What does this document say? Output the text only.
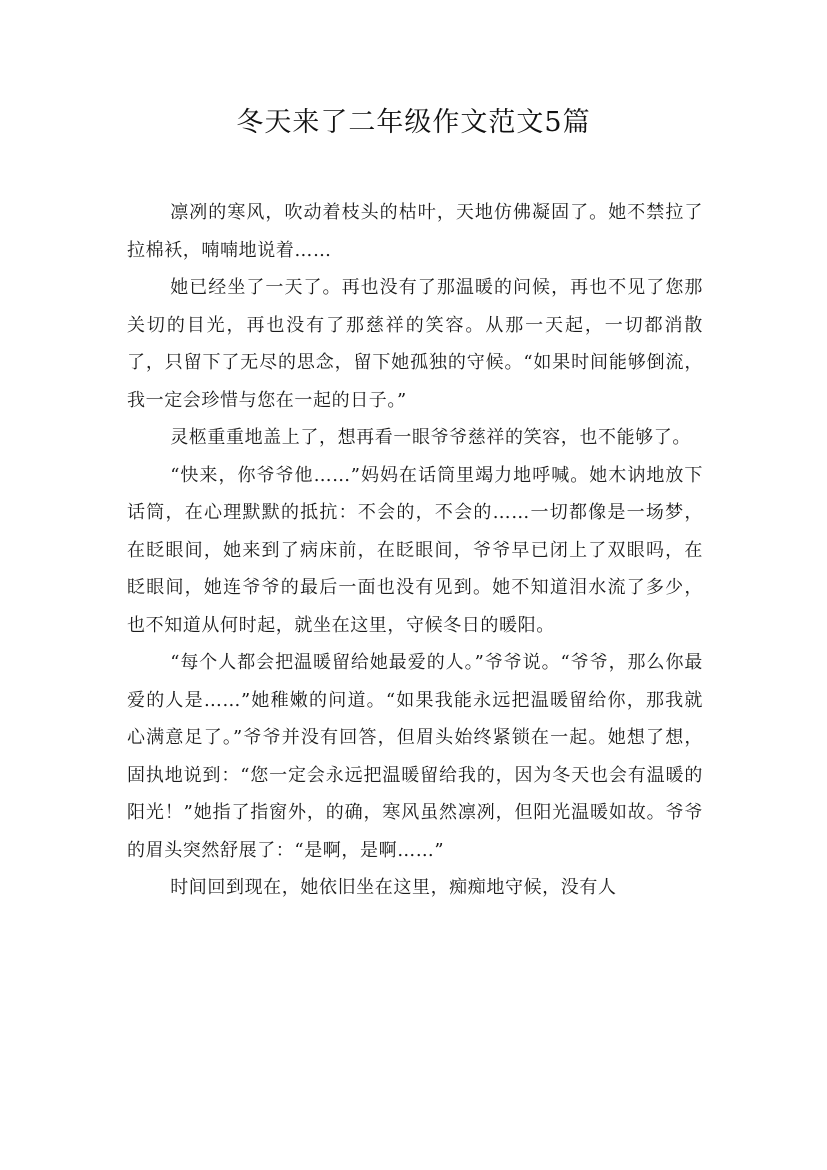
冬天来了二年级作文范文5篇

凛冽的寒风，吹动着枝头的枯叶，天地仿佛凝固了。她不禁拉了拉棉袄，喃喃地说着……

她已经坐了一天了。再也没有了那温暖的问候，再也不见了您那关切的目光，再也没有了那慈祥的笑容。从那一天起，一切都消散了，只留下了无尽的思念，留下她孤独的守候。“如果时间能够倒流，我一定会珍惜与您在一起的日子。”

灵柩重重地盖上了，想再看一眼爷爷慈祥的笑容，也不能够了。

“快来，你爷爷他……”妈妈在话筒里竭力地呼喊。她木讷地放下话筒，在心理默默的抵抗：不会的，不会的……一切都像是一场梦，在眨眼间，她来到了病床前，在眨眼间，爷爷早已闭上了双眼吗，在眨眼间，她连爷爷的最后一面也没有见到。她不知道泪水流了多少，也不知道从何时起，就坐在这里，守候冬日的暖阳。

“每个人都会把温暖留给她最爱的人。”爷爷说。“爷爷，那么你最爱的人是……”她稚嫩的问道。“如果我能永远把温暖留给你，那我就心满意足了。”爷爷并没有回答，但眉头始终紧锁在一起。她想了想，固执地说到：“您一定会永远把温暖留给我的，因为冬天也会有温暖的阳光！”她指了指窗外，的确，寒风虽然凛冽，但阳光温暖如故。爷爷的眉头突然舒展了：“是啊，是啊……”

时间回到现在，她依旧坐在这里，痴痴地守候，没有人
